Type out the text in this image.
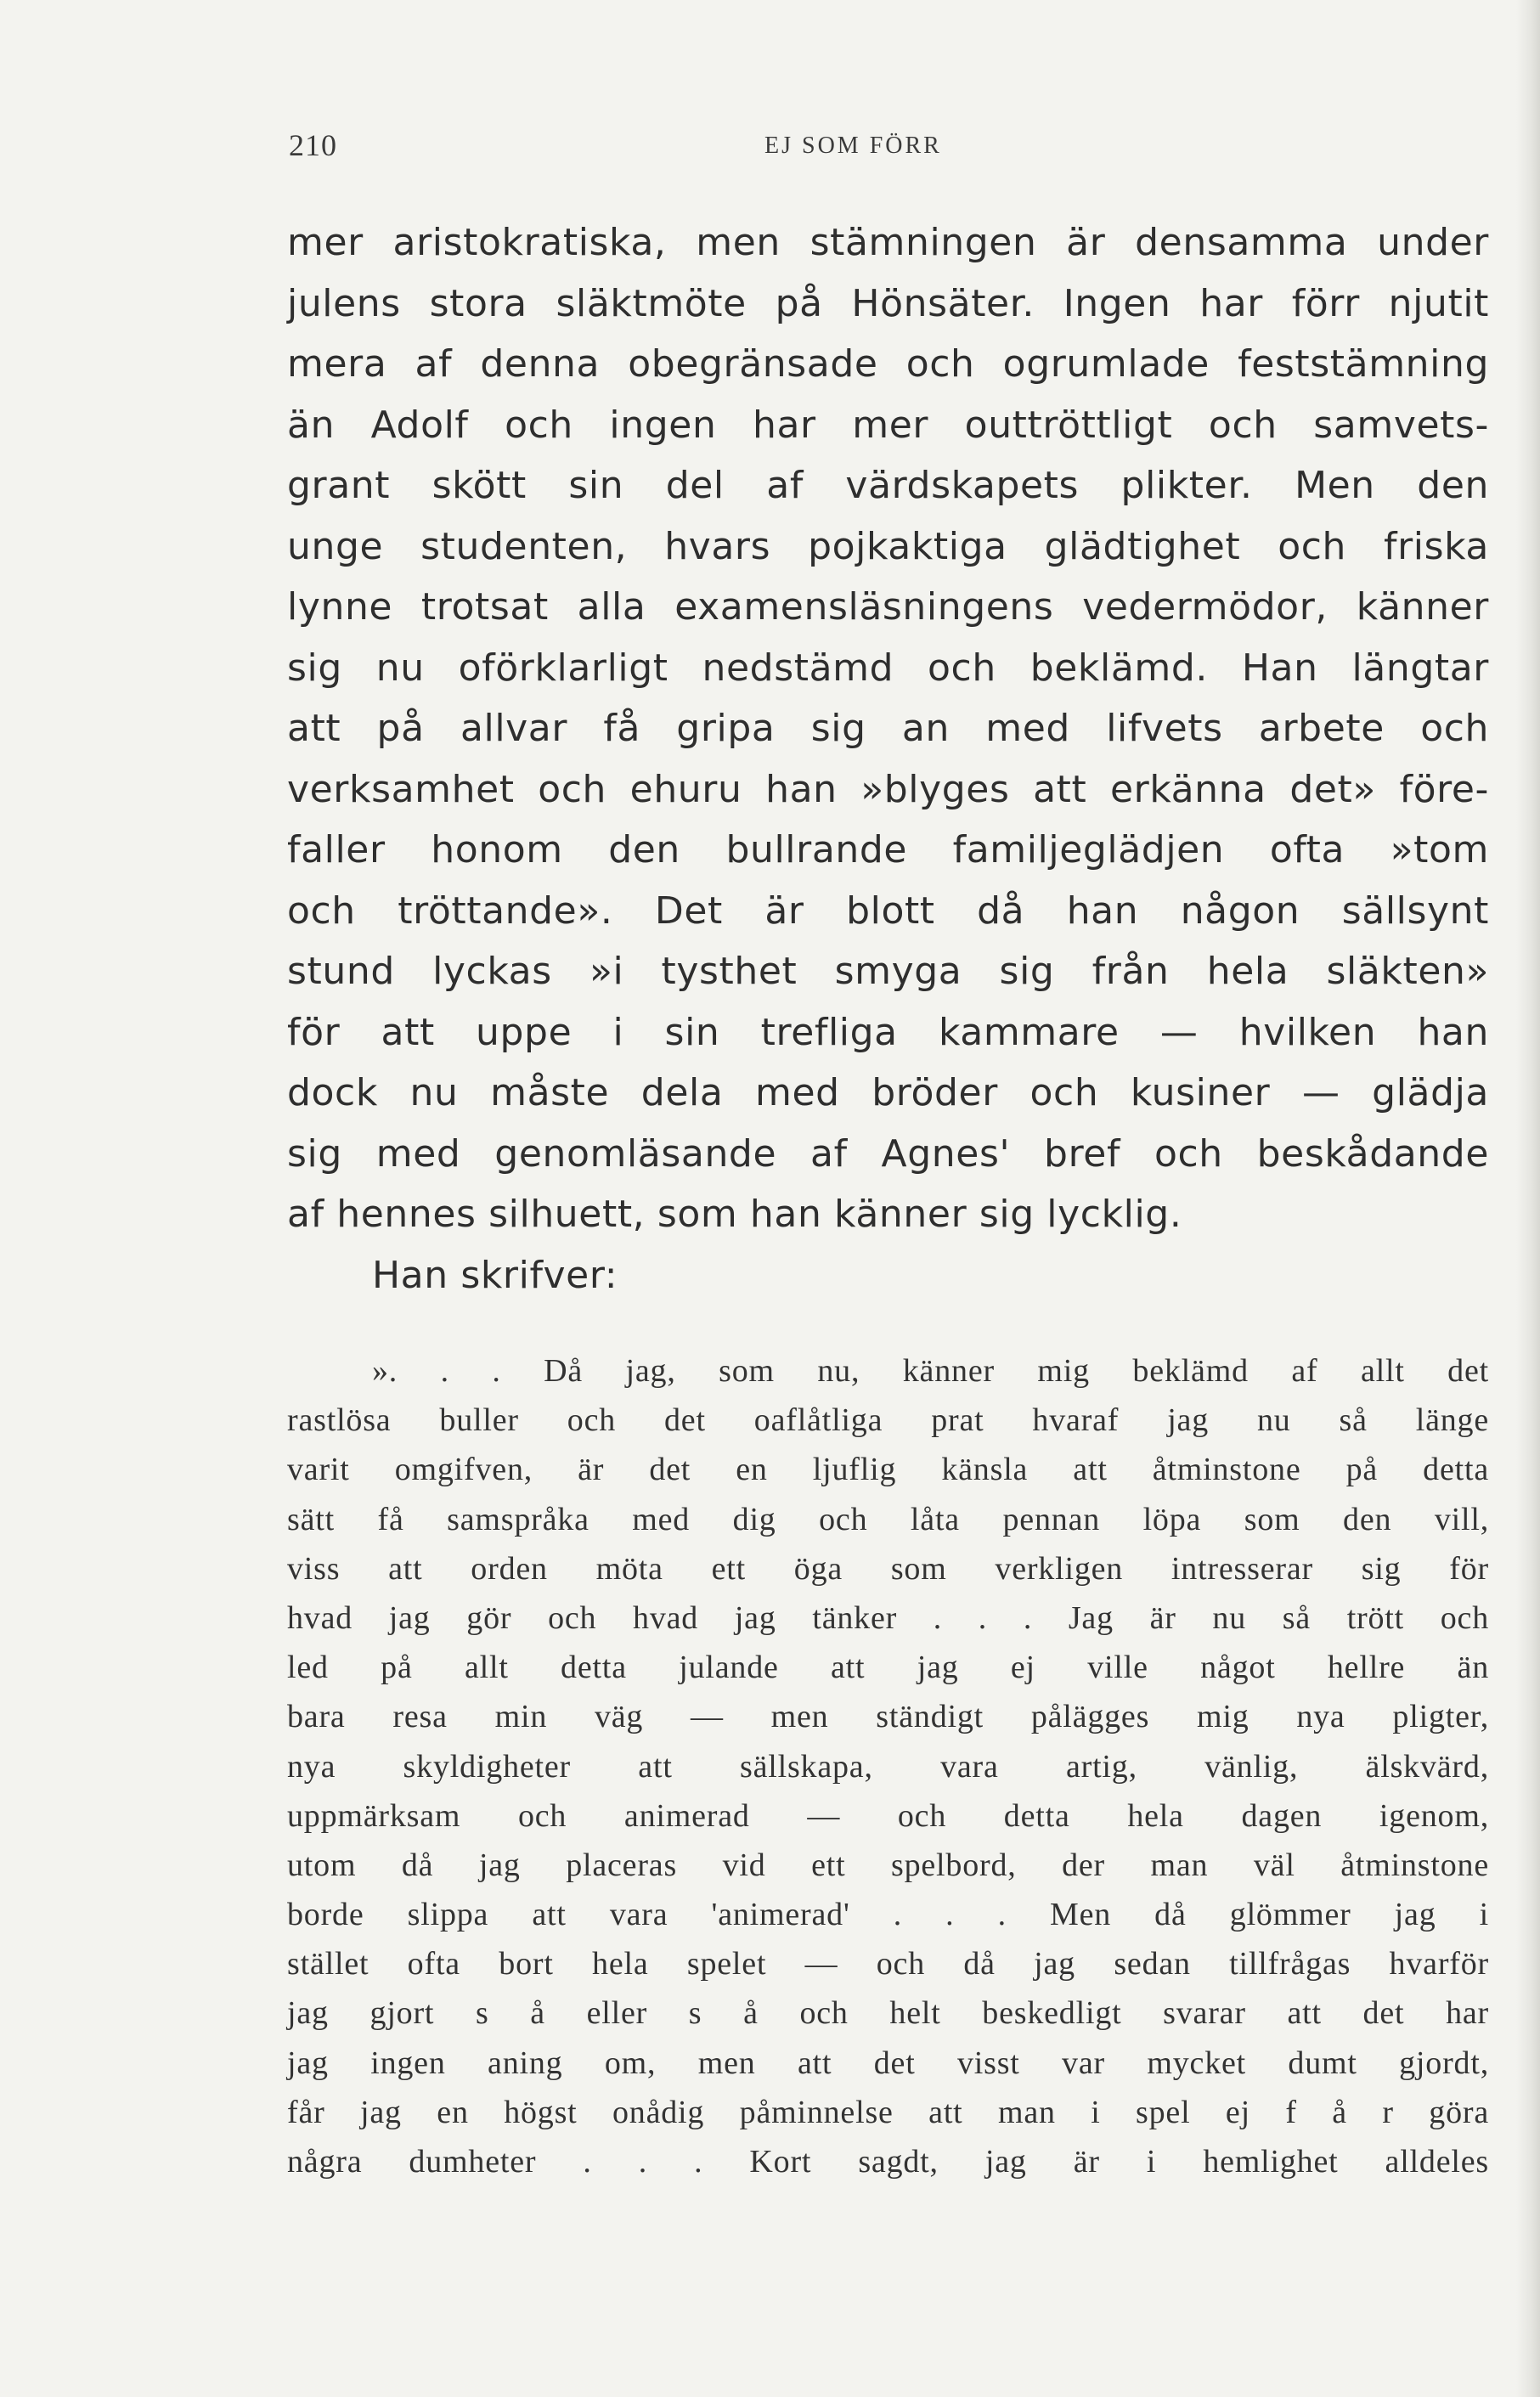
210	EJ SOM FÖRR
mer aristokratiska, men stämningen är densamma under
julens stora släktmöte på Hönsäter. Ingen har förr njutit
mera af denna obegränsade och ogrumlade feststämning
än Adolf och ingen har mer outtröttligt och samvets-
grant skött sin del af värdskapets plikter. Men den
unge studenten, hvars pojkaktiga glädtighet och friska
lynne trotsat alla examensläsningens vedermödor, känner
sig nu oförklarligt nedstämd och beklämd. Han längtar
att på allvar få gripa sig an med lifvets arbete och
verksamhet och ehuru han »blyges att erkänna det» före-
faller honom den bullrande familjeglädjen ofta »tom
och tröttande». Det är blott då han någon sällsynt
stund lyckas »i tysthet smyga sig från hela släkten»
för att uppe i sin trefliga kammare — hvilken han
dock nu måste dela med bröder och kusiner — glädja
sig med genomläsande af Agnes' bref och beskådande
af hennes silhuett, som han känner sig lycklig.
Han skrifver:
». . . Då jag, som nu, känner mig beklämd af allt det
rastlösa buller och det oaflåtliga prat hvaraf jag nu så länge
varit omgifven, är det en ljuflig känsla att åtminstone på detta
sätt få samspråka med dig och låta pennan löpa som den vill,
viss att orden möta ett öga som verkligen intresserar sig för
hvad jag gör och hvad jag tänker . . . Jag är nu så trött och
led på allt detta julande att jag ej ville något hellre än
bara resa min väg — men ständigt pålägges mig nya pligter,
nya skyldigheter att sällskapa, vara artig, vänlig, älskvärd,
uppmärksam och animerad — och detta hela dagen igenom,
utom då jag placeras vid ett spelbord, der man väl åtminstone
borde slippa att vara 'animerad' . . . Men då glömmer jag i
stället ofta bort hela spelet — och då jag sedan tillfrågas hvarför
jag gjort s å eller s å och helt beskedligt svarar att det har
jag ingen aning om, men att det visst var mycket dumt gjordt,
får jag en högst onådig påminnelse att man i spel ej f å r göra
några dumheter . . . Kort sagdt, jag är i hemlighet alldeles
